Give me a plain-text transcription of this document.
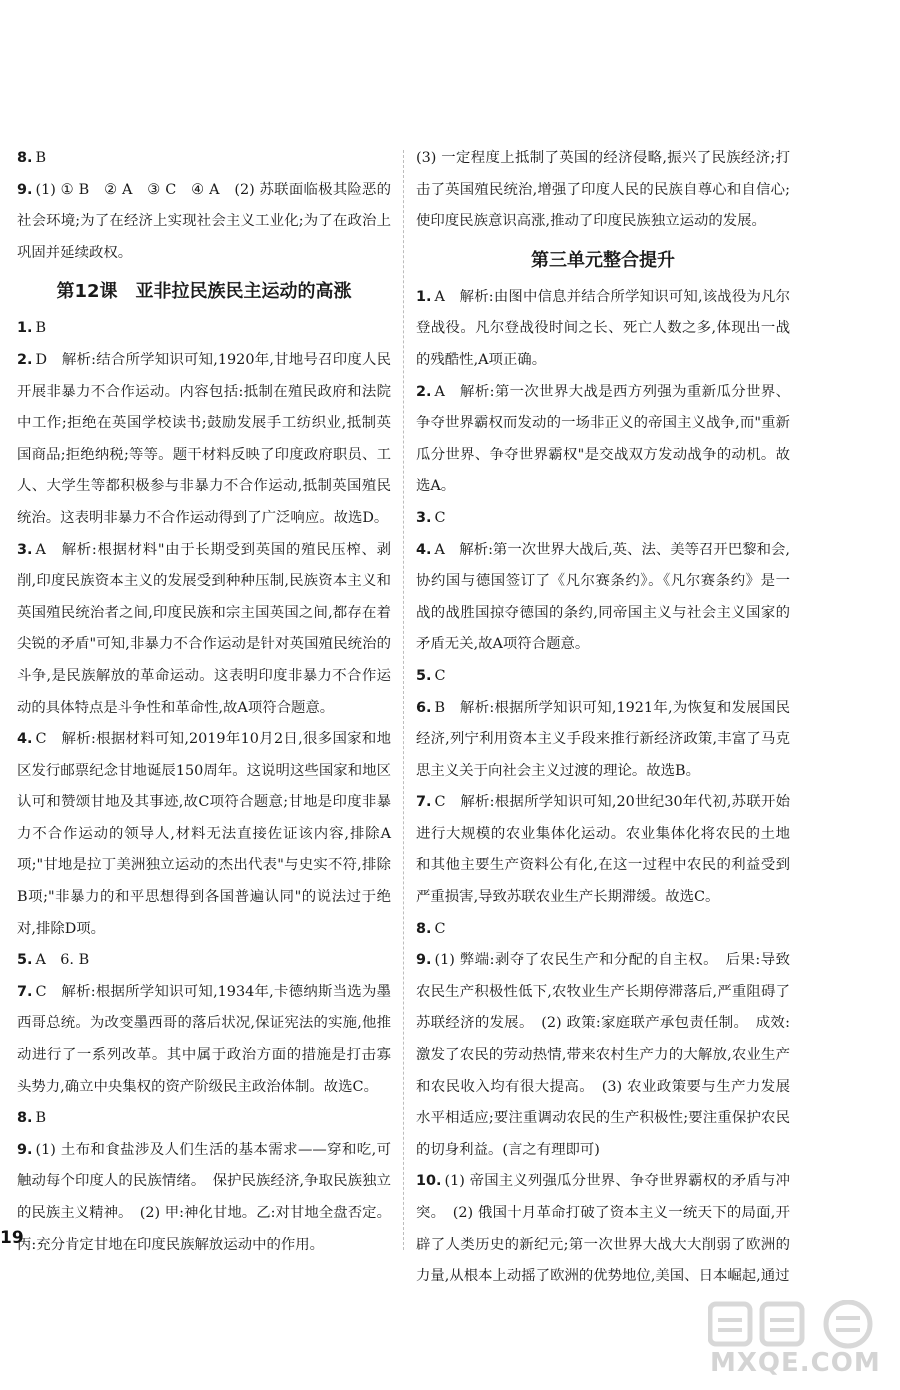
8. B

9. (1) ① B　② A　③ C　④ A　(2) 苏联面临极其险恶的社会环境;为了在经济上实现社会主义工业化;为了在政治上巩固并延续政权。

第12课　亚非拉民族民主运动的高涨

1. B

2. D　解析:结合所学知识可知,1920年,甘地号召印度人民开展非暴力不合作运动。内容包括:抵制在殖民政府和法院中工作;拒绝在英国学校读书;鼓励发展手工纺织业,抵制英国商品;拒绝纳税;等等。题干材料反映了印度政府职员、工人、大学生等都积极参与非暴力不合作运动,抵制英国殖民统治。这表明非暴力不合作运动得到了广泛响应。故选D。

3. A　解析:根据材料"由于长期受到英国的殖民压榨、剥削,印度民族资本主义的发展受到种种压制,民族资本主义和英国殖民统治者之间,印度民族和宗主国英国之间,都存在着尖锐的矛盾"可知,非暴力不合作运动是针对英国殖民统治的斗争,是民族解放的革命运动。这表明印度非暴力不合作运动的具体特点是斗争性和革命性,故A项符合题意。

4. C　解析:根据材料可知,2019年10月2日,很多国家和地区发行邮票纪念甘地诞辰150周年。这说明这些国家和地区认可和赞颂甘地及其事迹,故C项符合题意;甘地是印度非暴力不合作运动的领导人,材料无法直接佐证该内容,排除A项;"甘地是拉丁美洲独立运动的杰出代表"与史实不符,排除B项;"非暴力的和平思想得到各国普遍认同"的说法过于绝对,排除D项。

5. A　6. B

7. C　解析:根据所学知识可知,1934年,卡德纳斯当选为墨西哥总统。为改变墨西哥的落后状况,保证宪法的实施,他推动进行了一系列改革。其中属于政治方面的措施是打击寡头势力,确立中央集权的资产阶级民主政治体制。故选C。

8. B

9. (1) 土布和食盐涉及人们生活的基本需求——穿和吃,可触动每个印度人的民族情绪。　保护民族经济,争取民族独立的民族主义精神。　(2) 甲:神化甘地。乙:对甘地全盘否定。丙:充分肯定甘地在印度民族解放运动中的作用。

(3) 一定程度上抵制了英国的经济侵略,振兴了民族经济;打击了英国殖民统治,增强了印度人民的民族自尊心和自信心;使印度民族意识高涨,推动了印度民族独立运动的发展。

第三单元整合提升

1. A　解析:由图中信息并结合所学知识可知,该战役为凡尔登战役。凡尔登战役时间之长、死亡人数之多,体现出一战的残酷性,A项正确。

2. A　解析:第一次世界大战是西方列强为重新瓜分世界、争夺世界霸权而发动的一场非正义的帝国主义战争,而"重新瓜分世界、争夺世界霸权"是交战双方发动战争的动机。故选A。

3. C

4. A　解析:第一次世界大战后,英、法、美等召开巴黎和会,协约国与德国签订了《凡尔赛条约》。《凡尔赛条约》是一战的战胜国掠夺德国的条约,同帝国主义与社会主义国家的矛盾无关,故A项符合题意。

5. C

6. B　解析:根据所学知识可知,1921年,为恢复和发展国民经济,列宁利用资本主义手段来推行新经济政策,丰富了马克思主义关于向社会主义过渡的理论。故选B。

7. C　解析:根据所学知识可知,20世纪30年代初,苏联开始进行大规模的农业集体化运动。农业集体化将农民的土地和其他主要生产资料公有化,在这一过程中农民的利益受到严重损害,导致苏联农业生产长期滞缓。故选C。

8. C

9. (1) 弊端:剥夺了农民生产和分配的自主权。　后果:导致农民生产积极性低下,农牧业生产长期停滞落后,严重阻碍了苏联经济的发展。　(2) 政策:家庭联产承包责任制。　成效:激发了农民的劳动热情,带来农村生产力的大解放,农业生产和农民收入均有很大提高。　(3) 农业政策要与生产力发展水平相适应;要注重调动农民的生产积极性;要注重保护农民的切身利益。(言之有理即可)

10. (1) 帝国主义列强瓜分世界、争夺世界霸权的矛盾与冲突。　(2) 俄国十月革命打破了资本主义一统天下的局面,开辟了人类历史的新纪元;第一次世界大战大大削弱了欧洲的力量,从根本上动摇了欧洲的优势地位,美国、日本崛起,通过

19
MXQE.COM
